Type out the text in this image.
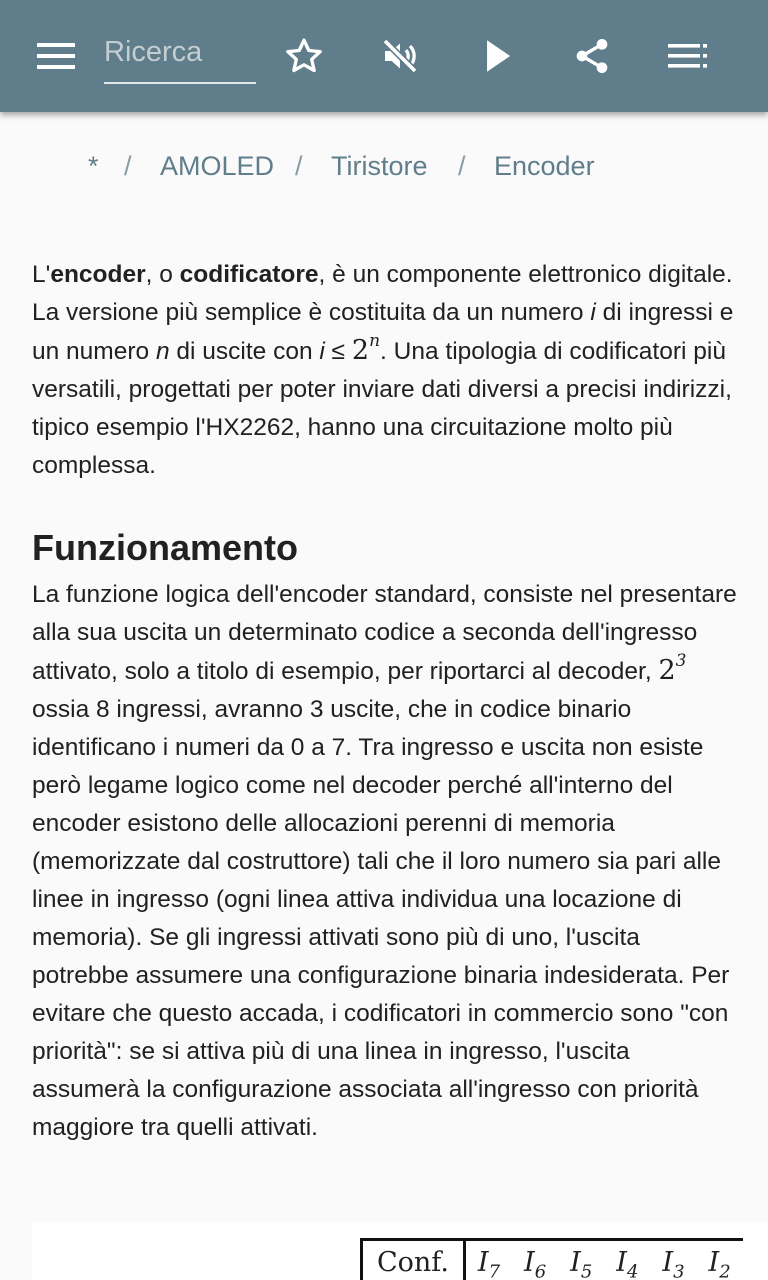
Ricerca
* / AMOLED / Tiristore / Encoder

L'encoder, o codificatore, è un componente elettronico digitale. La versione più semplice è costituita da un numero i di ingressi e un numero n di uscite con $i \le 2^n$. Una tipologia di codificatori più versatili, progettati per poter inviare dati diversi a precisi indirizzi, tipico esempio l'HX2262, hanno una circuitazione molto più complessa.

Funzionamento

La funzione logica dell'encoder standard, consiste nel presentare alla sua uscita un determinato codice a seconda dell'ingresso attivato, solo a titolo di esempio, per riportarci al decoder, $2^3$ ossia 8 ingressi, avranno 3 uscite, che in codice binario identificano i numeri da 0 a 7. Tra ingresso e uscita non esiste però legame logico come nel decoder perché all'interno del encoder esistono delle allocazioni perenni di memoria (memorizzate dal costruttore) tali che il loro numero sia pari alle linee in ingresso (ogni linea attiva individua una locazione di memoria). Se gli ingressi attivati sono più di uno, l'uscita potrebbe assumere una configurazione binaria indesiderata. Per evitare che questo accada, i codificatori in commercio sono "con priorità": se si attiva più di una linea in ingresso, l'uscita assumerà la configurazione associata all'ingresso con priorità maggiore tra quelli attivati.

Conf.	$I_7$ $I_6$ $I_5$ $I_4$ $I_3$ $I_2$
